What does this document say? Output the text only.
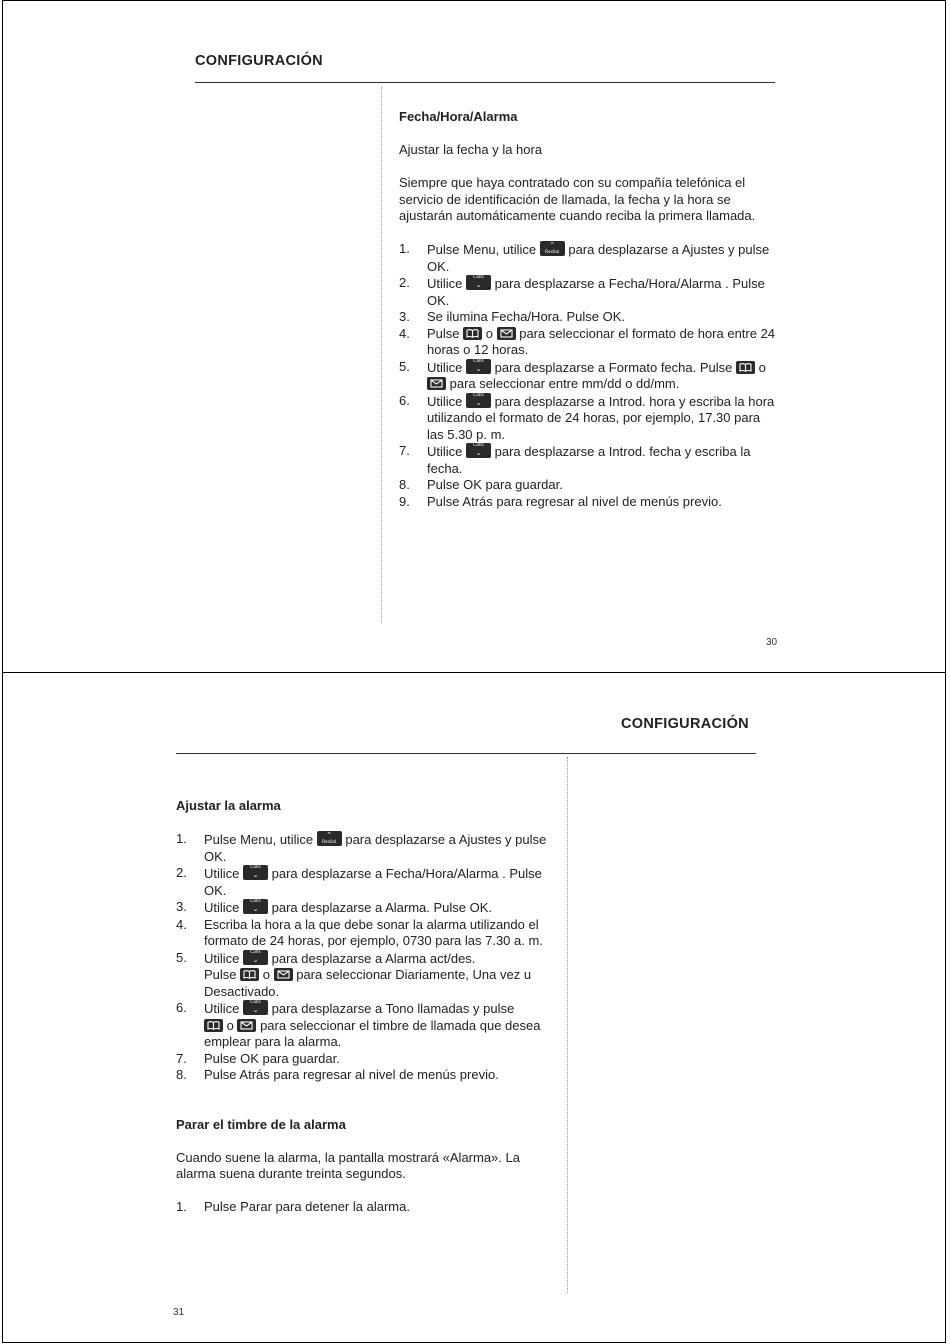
CONFIGURACIÓN

Fecha/Hora/Alarma

Ajustar la fecha y la hora

Siempre que haya contratado con su compañía telefónica el servicio de identificación de llamada, la fecha y la hora se ajustarán automáticamente cuando reciba la primera llamada.

1. Pulse Menu, utilice	⌃
Redial para desplazarse a Ajustes y pulse OK.
2. Utilice	Calls
⌄ para desplazarse a Fecha/Hora/Alarma . Pulse OK.
3. Se ilumina Fecha/Hora. Pulse OK.
4. Pulse
o
para seleccionar el formato de hora entre 24 horas o 12 horas.
5. Utilice	Calls
⌄ para desplazarse a Formato fecha. Pulse
o
para seleccionar entre mm/dd o dd/mm.
6. Utilice	Calls
⌄ para desplazarse a Introd. hora y escriba la hora utilizando el formato de 24 horas, por ejemplo, 17.30 para las 5.30 p. m.
7. Utilice	Calls
⌄ para desplazarse a Introd. fecha y escriba la fecha.
8. Pulse OK para guardar.
9. Pulse Atrás para regresar al nivel de menús previo.
30
CONFIGURACIÓN

Ajustar la alarma

1. Pulse Menu, utilice	⌃
Redial para desplazarse a Ajustes y pulse OK.
2. Utilice	Calls
⌄ para desplazarse a Fecha/Hora/Alarma . Pulse OK.
3. Utilice	Calls
⌄ para desplazarse a Alarma. Pulse OK.
4. Escriba la hora a la que debe sonar la alarma utilizando el formato de 24 horas, por ejemplo, 0730 para las 7.30 a. m.
5. Utilice	Calls
⌄ para desplazarse a Alarma act/des.
Pulse
o
para seleccionar Diariamente, Una vez u Desactivado.
6. Utilice	Calls
⌄ para desplazarse a Tono llamadas y pulse

o
para seleccionar el timbre de llamada que desea emplear para la alarma.
7. Pulse OK para guardar.
8. Pulse Atrás para regresar al nivel de menús previo.

Parar el timbre de la alarma

Cuando suene la alarma, la pantalla mostrará «Alarma». La alarma suena durante treinta segundos.

1. Pulse Parar para detener la alarma.
31
